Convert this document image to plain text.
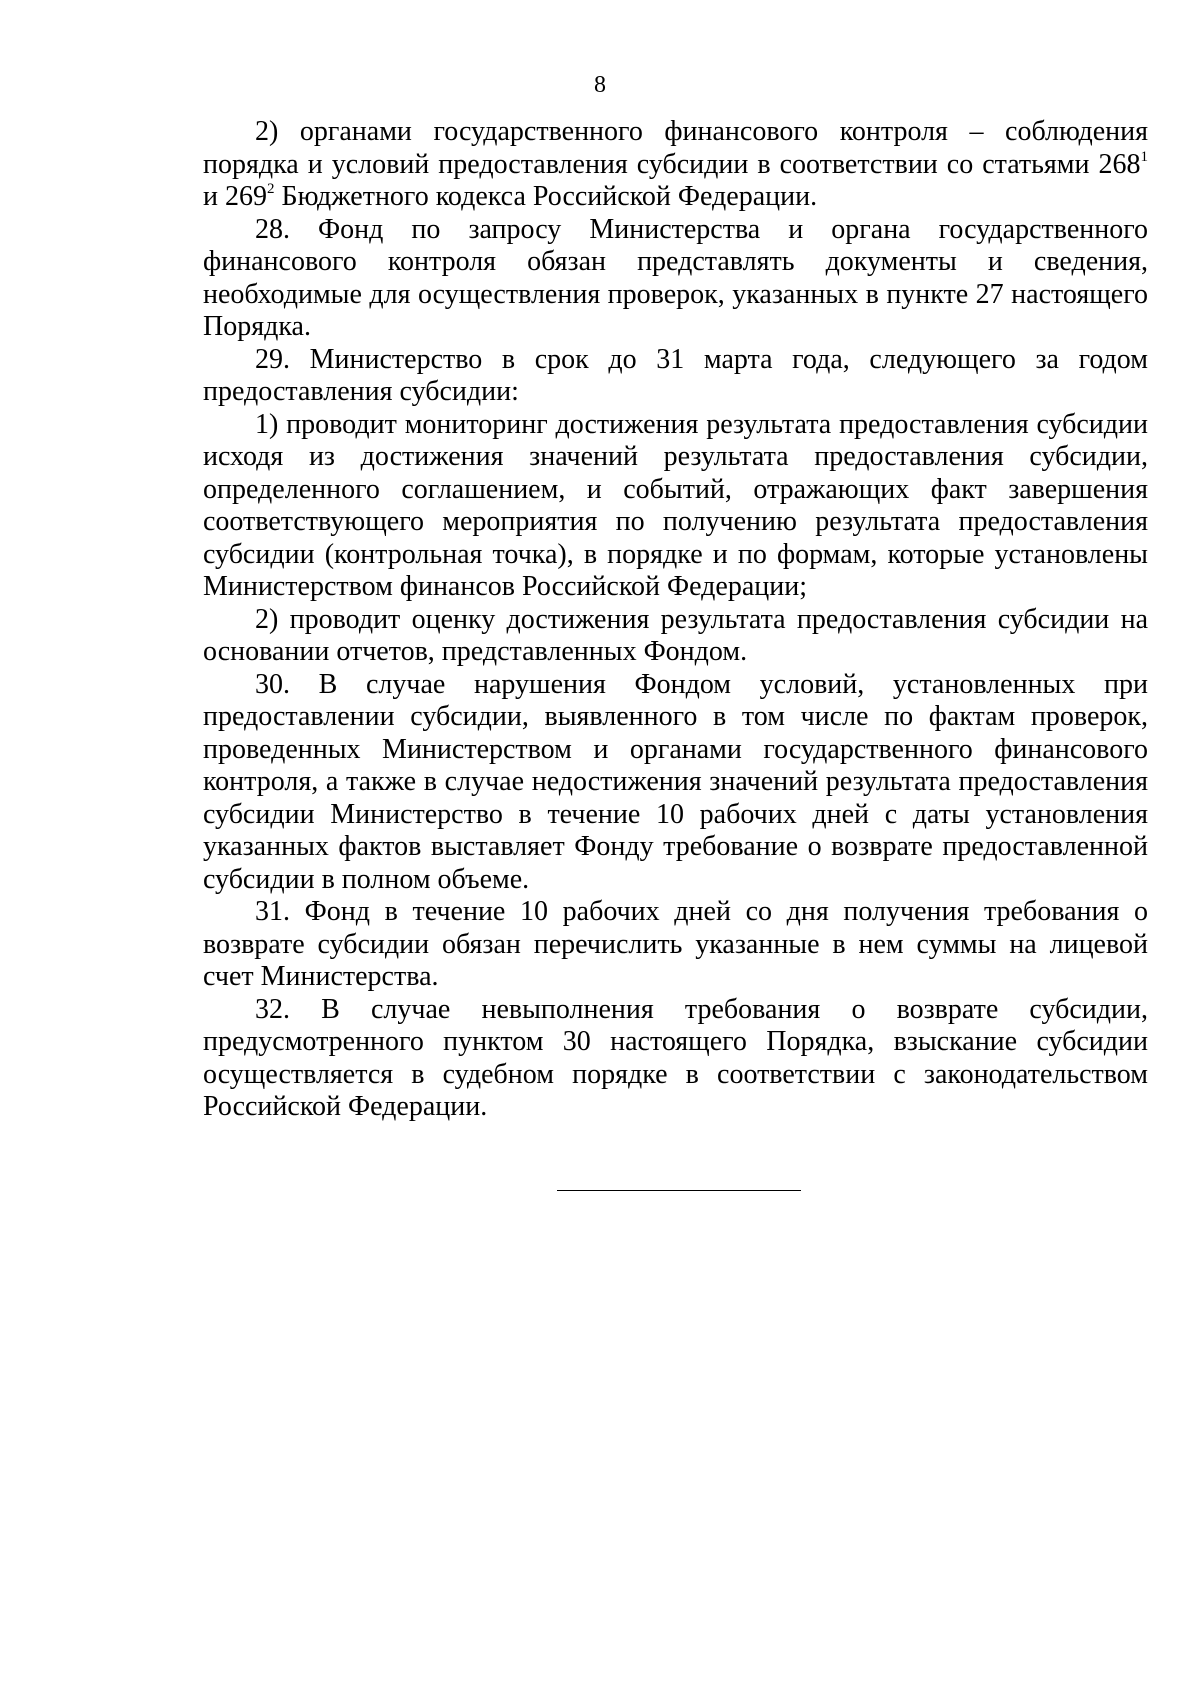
8

2) органами государственного финансового контроля – соблюдения порядка и условий предоставления субсидии в соответствии со статьями $268^1$ и $269^2$ Бюджетного кодекса Российской Федерации.

28. Фонд по запросу Министерства и органа государственного финансового контроля обязан представлять документы и сведения, необходимые для осуществления проверок, указанных в пункте 27 настоящего Порядка.

29. Министерство в срок до 31 марта года, следующего за годом предоставления субсидии:

1) проводит мониторинг достижения результата предоставления субсидии исходя из достижения значений результата предоставления субсидии, определенного соглашением, и событий, отражающих факт завершения соответствующего мероприятия по получению результата предоставления субсидии (контрольная точка), в порядке и по формам, которые установлены Министерством финансов Российской Федерации;

2) проводит оценку достижения результата предоставления субсидии на основании отчетов, представленных Фондом.

30. В случае нарушения Фондом условий, установленных при предоставлении субсидии, выявленного в том числе по фактам проверок, проведенных Министерством и органами государственного финансового контроля, а также в случае недостижения значений результата предоставления субсидии Министерство в течение 10 рабочих дней с даты установления указанных фактов выставляет Фонду требование о возврате предоставленной субсидии в полном объеме.

31. Фонд в течение 10 рабочих дней со дня получения требования о возврате субсидии обязан перечислить указанные в нем суммы на лицевой счет Министерства.

32. В случае невыполнения требования о возврате субсидии, предусмотренного пунктом 30 настоящего Порядка, взыскание субсидии осуществляется в судебном порядке в соответствии с законодательством Российской Федерации.
